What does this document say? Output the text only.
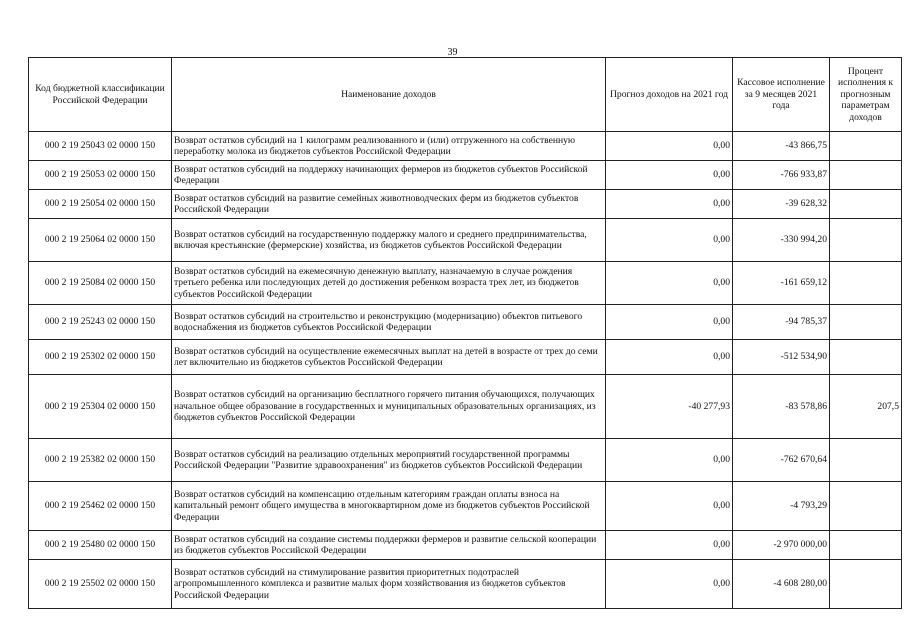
39
Код бюджетной классификации Российской Федерации	Наименование доходов	Прогноз доходов на 2021 год	Кассовое исполнение за 9 месяцев 2021 года	Процент исполнения к прогнозным параметрам доходов
000 2 19 25043 02 0000 150	Возврат остатков субсидий на 1 килограмм реализованного и (или) отгруженного на собственную переработку молока из бюджетов субъектов Российской Федерации	0,00	-43 866,75	
000 2 19 25053 02 0000 150	Возврат остатков субсидий на поддержку начинающих фермеров из бюджетов субъектов Российской Федерации	0,00	-766 933,87	
000 2 19 25054 02 0000 150	Возврат остатков субсидий на развитие семейных животноводческих ферм из бюджетов субъектов Российской Федерации	0,00	-39 628,32	
000 2 19 25064 02 0000 150	Возврат остатков субсидий на государственную поддержку малого и среднего предпринимательства, включая крестьянские (фермерские) хозяйства, из бюджетов субъектов Российской Федерации	0,00	-330 994,20	
000 2 19 25084 02 0000 150	Возврат остатков субсидий на ежемесячную денежную выплату, назначаемую в случае рождения третьего ребенка или последующих детей до достижения ребенком возраста трех лет, из бюджетов субъектов Российской Федерации	0,00	-161 659,12	
000 2 19 25243 02 0000 150	Возврат остатков субсидий на строительство и реконструкцию (модернизацию) объектов питьевого водоснабжения из бюджетов субъектов Российской Федерации	0,00	-94 785,37	
000 2 19 25302 02 0000 150	Возврат остатков субсидий на осуществление ежемесячных выплат на детей в возрасте от трех до семи лет включительно из бюджетов субъектов Российской Федерации	0,00	-512 534,90	
000 2 19 25304 02 0000 150	Возврат остатков субсидий на организацию бесплатного горячего питания обучающихся, получающих начальное общее образование в государственных и муниципальных образовательных организациях, из бюджетов субъектов Российской Федерации	-40 277,93	-83 578,86	207,5
000 2 19 25382 02 0000 150	Возврат остатков субсидий на реализацию отдельных мероприятий государственной программы Российской Федерации "Развитие здравоохранения" из бюджетов субъектов Российской Федерации	0,00	-762 670,64	
000 2 19 25462 02 0000 150	Возврат остатков субсидий на компенсацию отдельным категориям граждан оплаты взноса на капитальный ремонт общего имущества в многоквартирном доме из бюджетов субъектов Российской Федерации	0,00	-4 793,29	
000 2 19 25480 02 0000 150	Возврат остатков субсидий на создание системы поддержки фермеров и развитие сельской кооперации из бюджетов субъектов Российской Федерации	0,00	-2 970 000,00	
000 2 19 25502 02 0000 150	Возврат остатков субсидий на стимулирование развития приоритетных подотраслей агропромышленного комплекса и развитие малых форм хозяйствования из бюджетов субъектов Российской Федерации	0,00	-4 608 280,00	
